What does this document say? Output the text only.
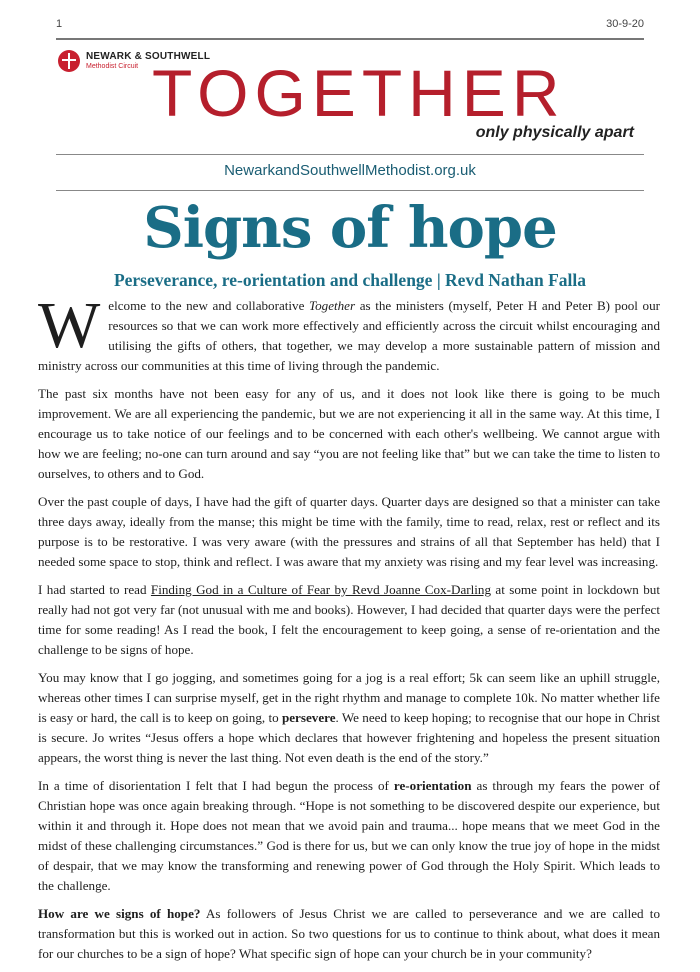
1	30-9-20
NEWARK & SOUTHWELL
Methodist Circuit TOGETHER
only physically apart
NewarkandSouthwellMethodist.org.uk
Signs of hope
Perseverance, re-orientation and challenge | Revd Nathan Falla

Welcome to the new and collaborative Together as the ministers (myself, Peter H and Peter B) pool our resources so that we can work more effectively and efficiently across the circuit whilst encouraging and utilising the gifts of others, that together, we may develop a more sustainable pattern of mission and ministry across our communities at this time of living through the pandemic.

The past six months have not been easy for any of us, and it does not look like there is going to be much improvement. We are all experiencing the pandemic, but we are not experiencing it all in the same way. At this time, I encourage us to take notice of our feelings and to be concerned with each other's wellbeing. We cannot argue with how we are feeling; no-one can turn around and say “you are not feeling like that” but we can take the time to listen to ourselves, to others and to God.

Over the past couple of days, I have had the gift of quarter days. Quarter days are designed so that a minister can take three days away, ideally from the manse; this might be time with the family, time to read, relax, rest or reflect and its purpose is to be restorative. I was very aware (with the pressures and strains of all that September has held) that I needed some space to stop, think and reflect. I was aware that my anxiety was rising and my fear level was increasing.

I had started to read Finding God in a Culture of Fear by Revd Joanne Cox-Darling at some point in lockdown but really had not got very far (not unusual with me and books). However, I had decided that quarter days were the perfect time for some reading! As I read the book, I felt the encouragement to keep going, a sense of re-orientation and the challenge to be signs of hope.

You may know that I go jogging, and sometimes going for a jog is a real effort; 5k can seem like an uphill struggle, whereas other times I can surprise myself, get in the right rhythm and manage to complete 10k. No matter whether life is easy or hard, the call is to keep on going, to persevere. We need to keep hoping; to recognise that our hope in Christ is secure. Jo writes “Jesus offers a hope which declares that however frightening and hopeless the present situation appears, the worst thing is never the last thing. Not even death is the end of the story.”

In a time of disorientation I felt that I had begun the process of re-orientation as through my fears the power of Christian hope was once again breaking through. “Hope is not something to be discovered despite our experience, but within it and through it. Hope does not mean that we avoid pain and trauma... hope means that we meet God in the midst of these challenging circumstances.” God is there for us, but we can only know the true joy of hope in the midst of despair, that we may know the transforming and renewing power of God through the Holy Spirit. Which leads to the challenge.

How are we signs of hope? As followers of Jesus Christ we are called to perseverance and we are called to transformation but this is worked out in action. So two questions for us to continue to think about, what does it mean for our churches to be a sign of hope? What specific sign of hope can your church be in your community?
